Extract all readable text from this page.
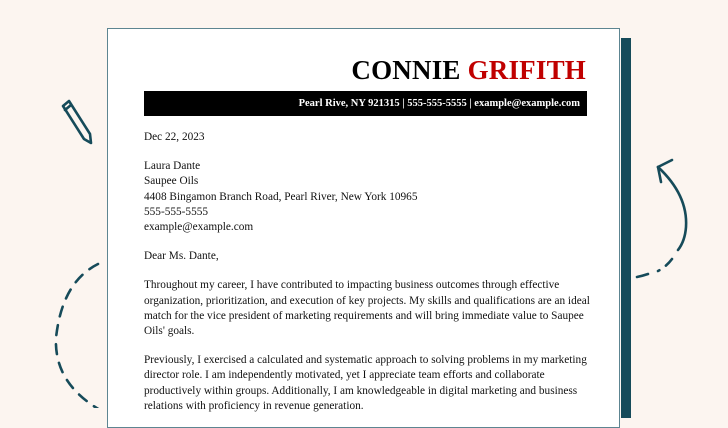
CONNIE GRIFITH
Pearl Rive, NY 921315 | 555-555-5555 | example@example.com

Dec 22, 2023

Laura Dante
Saupee Oils
4408 Bingamon Branch Road, Pearl River, New York 10965
555-555-5555
example@example.com

Dear Ms. Dante,

Throughout my career, I have contributed to impacting business outcomes through effective organization, prioritization, and execution of key projects. My skills and qualifications are an ideal match for the vice president of marketing requirements and will bring immediate value to Saupee Oils' goals.

Previously, I exercised a calculated and systematic approach to solving problems in my marketing director role. I am independently motivated, yet I appreciate team efforts and collaborate productively within groups. Additionally, I am knowledgeable in digital marketing and business relations with proficiency in revenue generation.
